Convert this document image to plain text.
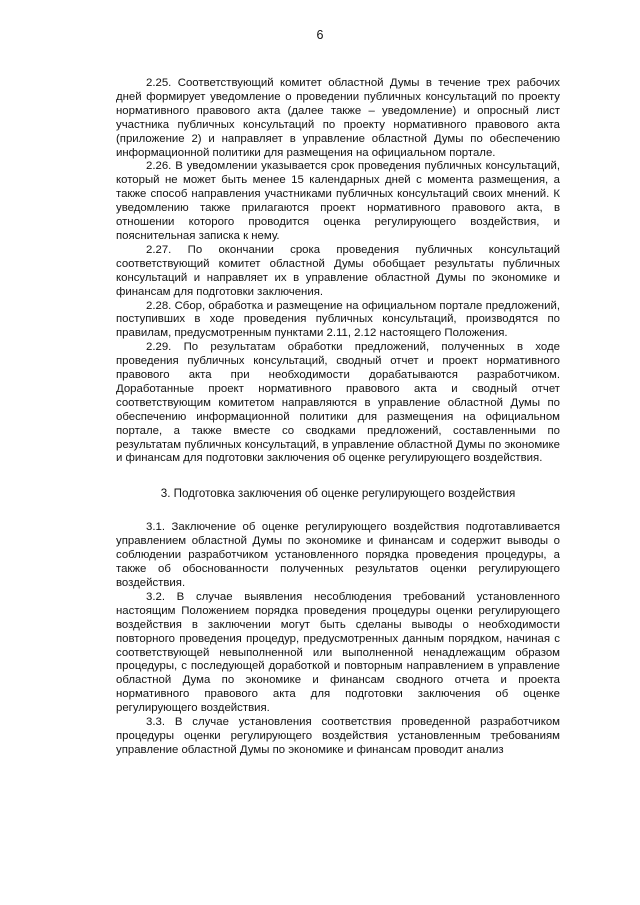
6

2.25. Соответствующий комитет областной Думы в течение трех рабочих дней формирует уведомление о проведении публичных консультаций по проекту нормативного правового акта (далее также – уведомление) и опросный лист участника публичных консультаций по проекту нормативного правового акта (приложение 2) и направляет в управление областной Думы по обеспечению информационной политики для размещения на официальном портале.

2.26. В уведомлении указывается срок проведения публичных консультаций, который не может быть менее 15 календарных дней с момента размещения, а также способ направления участниками публичных консультаций своих мнений. К уведомлению также прилагаются проект нормативного правового акта, в отношении которого проводится оценка регулирующего воздействия, и пояснительная записка к нему.

2.27. По окончании срока проведения публичных консультаций соответствующий комитет областной Думы обобщает результаты публичных консультаций и направляет их в управление областной Думы по экономике и финансам для подготовки заключения.

2.28. Сбор, обработка и размещение на официальном портале предложений, поступивших в ходе проведения публичных консультаций, производятся по правилам, предусмотренным пунктами 2.11, 2.12 настоящего Положения.

2.29. По результатам обработки предложений, полученных в ходе проведения публичных консультаций, сводный отчет и проект нормативного правового акта при необходимости дорабатываются разработчиком. Доработанные проект нормативного правового акта и сводный отчет соответствующим комитетом направляются в управление областной Думы по обеспечению информационной политики для размещения на официальном портале, а также вместе со сводками предложений, составленными по результатам публичных консультаций, в управление областной Думы по экономике и финансам для подготовки заключения об оценке регулирующего воздействия.

3. Подготовка заключения об оценке регулирующего воздействия

3.1. Заключение об оценке регулирующего воздействия подготавливается управлением областной Думы по экономике и финансам и содержит выводы о соблюдении разработчиком установленного порядка проведения процедуры, а также об обоснованности полученных результатов оценки регулирующего воздействия.

3.2. В случае выявления несоблюдения требований установленного настоящим Положением порядка проведения процедуры оценки регулирующего воздействия в заключении могут быть сделаны выводы о необходимости повторного проведения процедур, предусмотренных данным порядком, начиная с соответствующей невыполненной или выполненной ненадлежащим образом процедуры, с последующей доработкой и повторным направлением в управление областной Дума по экономике и финансам сводного отчета и проекта нормативного правового акта для подготовки заключения об оценке регулирующего воздействия.

3.3. В случае установления соответствия проведенной разработчиком процедуры оценки регулирующего воздействия установленным требованиям управление областной Думы по экономике и финансам проводит анализ
